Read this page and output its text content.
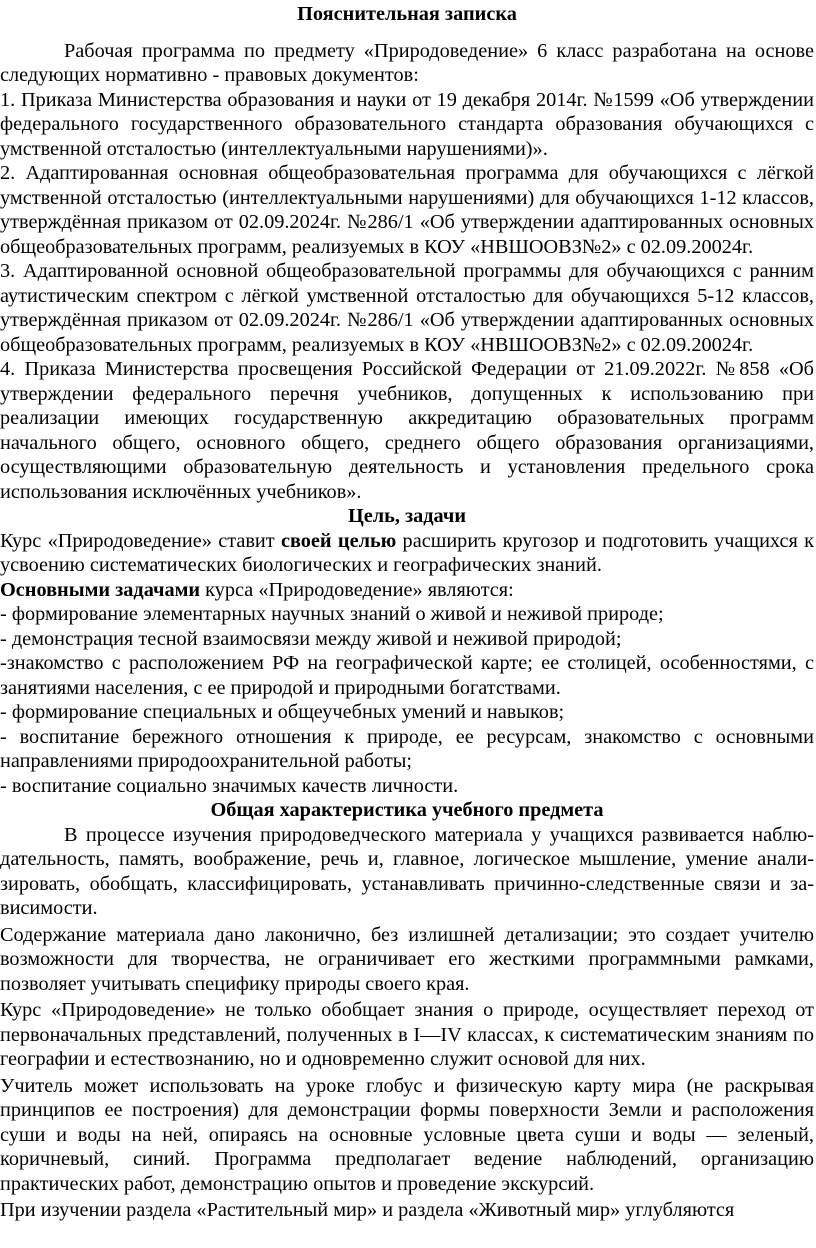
Пояснительная записка

Рабочая программа по предмету «Природоведение» 6 класс разработана на основе следующих нормативно - правовых документов:

1. Приказа Министерства образования и науки от 19 декабря 2014г. №1599 «Об утверждении федерального государственного образовательного стандарта образования обучающихся с умственной отсталостью (интеллектуальными нарушениями)».

2. Адаптированная основная общеобразовательная программа для обучающихся с лёгкой умственной отсталостью (интеллектуальными нарушениями) для обучающихся 1-12 классов, утверждённая приказом от 02.09.2024г. №286/1 «Об утверждении адаптированных основных общеобразовательных программ, реализуемых в КОУ «НВШООВЗ№2» с 02.09.20024г.

3. Адаптированной основной общеобразовательной программы для обучающихся с ранним аутистическим спектром с лёгкой умственной отсталостью для обучающихся 5-12 классов, утверждённая приказом от 02.09.2024г. №286/1 «Об утверждении адаптированных основных общеобразовательных программ, реализуемых в КОУ «НВШООВЗ№2» с 02.09.20024г.

4. Приказа Министерства просвещения Российской Федерации от 21.09.2022г. №858 «Об утверждении федерального перечня учебников, допущенных к использованию при реализации имеющих государственную аккредитацию образовательных программ начального общего, основного общего, среднего общего образования организациями, осуществляющими образовательную деятельность и установления предельного срока использования исключённых учебников».

Цель, задачи

Курс «Природоведение» ставит своей целью расширить кругозор и подготовить учащихся к усвоению систематических биологических и географических знаний.

Основными задачами курса «Природоведение» являются:

- формирование элементарных научных знаний о живой и неживой природе;

- демонстрация тесной взаимосвязи между живой и неживой природой;

-знакомство с расположением РФ на географической карте; ее столицей, особенностями, с занятиями населения, с ее природой и природными богатствами.

- формирование специальных и общеучебных умений и навыков;

- воспитание бережного отношения к природе, ее ресурсам, знакомство с основными направлениями природоохранительной работы;

- воспитание социально значимых качеств личности.

Общая характеристика учебного предмета

В процессе изучения природоведческого материала у учащихся развивается наблю-дательность, память, воображение, речь и, главное, логическое мышление, умение анали-зировать, обобщать, классифицировать, устанавливать причинно-следственные связи и за-висимости.

Содержание материала дано лаконично, без излишней детализации; это создает учителю возможности для творчества, не ограничивает его жесткими программными рамками, позволяет учитывать специфику природы своего края.

Курс «Природоведение» не только обобщает знания о природе, осуществляет переход от первоначальных представлений, полученных в I—IV классах, к систематическим знаниям по географии и естествознанию, но и одновременно служит основой для них.

Учитель может использовать на уроке глобус и физическую карту мира (не раскрывая принципов ее построения) для демонстрации формы поверхности Земли и расположения суши и воды на ней, опираясь на основные условные цвета суши и воды — зеленый, коричневый, синий. Программа предполагает ведение наблюдений, организацию практических работ, демонстрацию опытов и проведение экскурсий.

При изучении раздела «Растительный мир» и раздела «Животный мир» углубляются
